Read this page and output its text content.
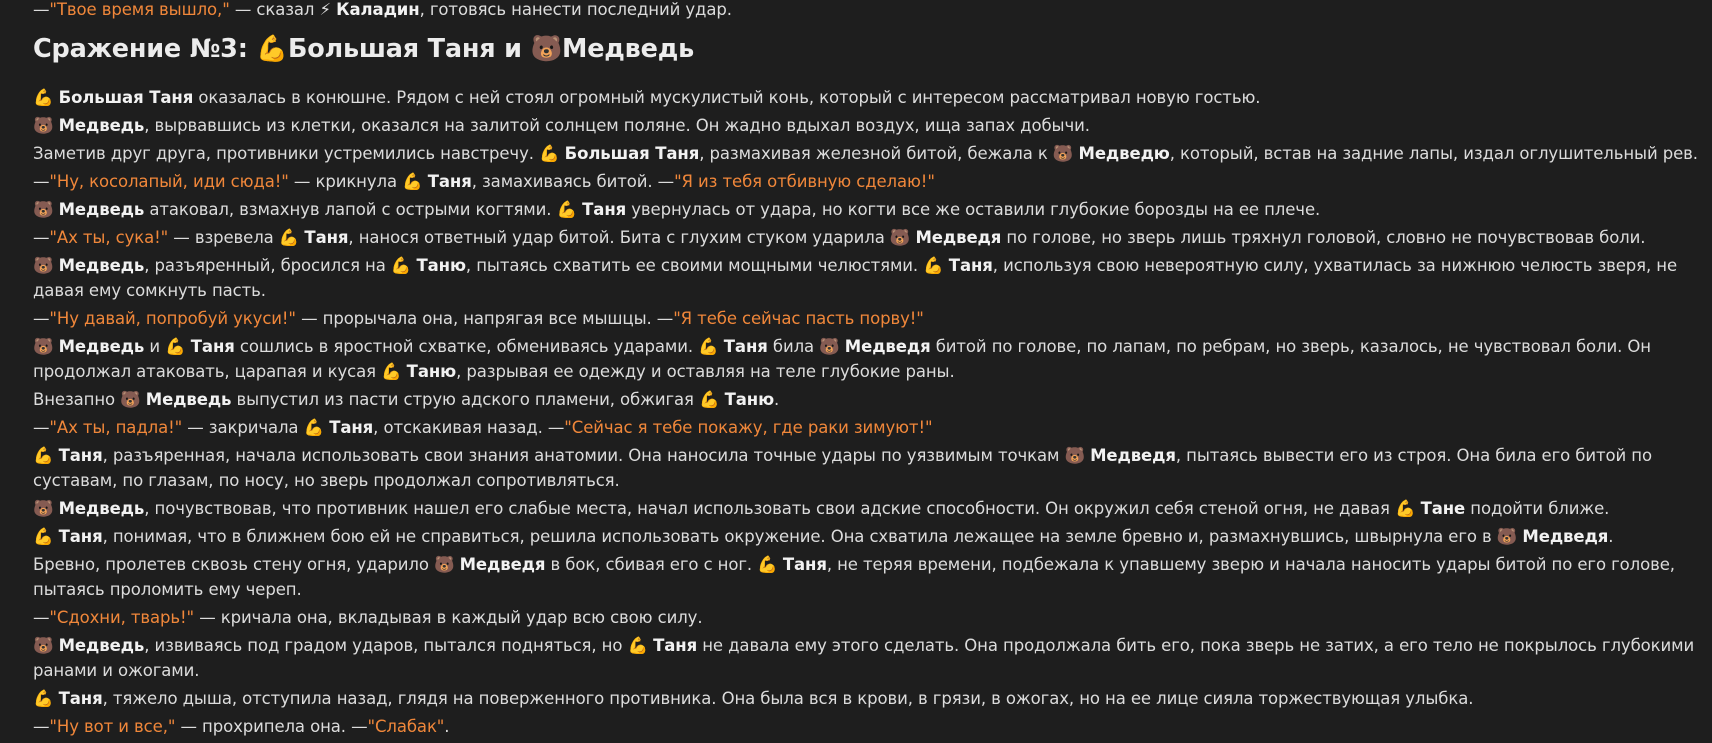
—"Твое время вышло," — сказал ⚡ Каладин, готовясь нанести последний удар.

Сражение №3: 💪Большая Таня и 🐻Медведь

💪 Большая Таня оказалась в конюшне. Рядом с ней стоял огромный мускулистый конь, который с интересом рассматривал новую гостью.

🐻 Медведь, вырвавшись из клетки, оказался на залитой солнцем поляне. Он жадно вдыхал воздух, ища запах добычи.

Заметив друг друга, противники устремились навстречу. 💪 Большая Таня, размахивая железной битой, бежала к 🐻 Медведю, который, встав на задние лапы, издал оглушительный рев.

—"Ну, косолапый, иди сюда!" — крикнула 💪 Таня, замахиваясь битой. —"Я из тебя отбивную сделаю!"

🐻 Медведь атаковал, взмахнув лапой с острыми когтями. 💪 Таня увернулась от удара, но когти все же оставили глубокие борозды на ее плече.

—"Ах ты, сука!" — взревела 💪 Таня, нанося ответный удар битой. Бита с глухим стуком ударила 🐻 Медведя по голове, но зверь лишь тряхнул головой, словно не почувствовав боли.

🐻 Медведь, разъяренный, бросился на 💪 Таню, пытаясь схватить ее своими мощными челюстями. 💪 Таня, используя свою невероятную силу, ухватилась за нижнюю челюсть зверя, не давая ему сомкнуть пасть.

—"Ну давай, попробуй укуси!" — прорычала она, напрягая все мышцы. —"Я тебе сейчас пасть порву!"

🐻 Медведь и 💪 Таня сошлись в яростной схватке, обмениваясь ударами. 💪 Таня била 🐻 Медведя битой по голове, по лапам, по ребрам, но зверь, казалось, не чувствовал боли. Он продолжал атаковать, царапая и кусая 💪 Таню, разрывая ее одежду и оставляя на теле глубокие раны.

Внезапно 🐻 Медведь выпустил из пасти струю адского пламени, обжигая 💪 Таню.

—"Ах ты, падла!" — закричала 💪 Таня, отскакивая назад. —"Сейчас я тебе покажу, где раки зимуют!"

💪 Таня, разъяренная, начала использовать свои знания анатомии. Она наносила точные удары по уязвимым точкам 🐻 Медведя, пытаясь вывести его из строя. Она била его битой по суставам, по глазам, по носу, но зверь продолжал сопротивляться.

🐻 Медведь, почувствовав, что противник нашел его слабые места, начал использовать свои адские способности. Он окружил себя стеной огня, не давая 💪 Тане подойти ближе.

💪 Таня, понимая, что в ближнем бою ей не справиться, решила использовать окружение. Она схватила лежащее на земле бревно и, размахнувшись, швырнула его в 🐻 Медведя.

Бревно, пролетев сквозь стену огня, ударило 🐻 Медведя в бок, сбивая его с ног. 💪 Таня, не теряя времени, подбежала к упавшему зверю и начала наносить удары битой по его голове, пытаясь проломить ему череп.

—"Сдохни, тварь!" — кричала она, вкладывая в каждый удар всю свою силу.

🐻 Медведь, извиваясь под градом ударов, пытался подняться, но 💪 Таня не давала ему этого сделать. Она продолжала бить его, пока зверь не затих, а его тело не покрылось глубокими ранами и ожогами.

💪 Таня, тяжело дыша, отступила назад, глядя на поверженного противника. Она была вся в крови, в грязи, в ожогах, но на ее лице сияла торжествующая улыбка.

—"Ну вот и все," — прохрипела она. —"Слабак".
